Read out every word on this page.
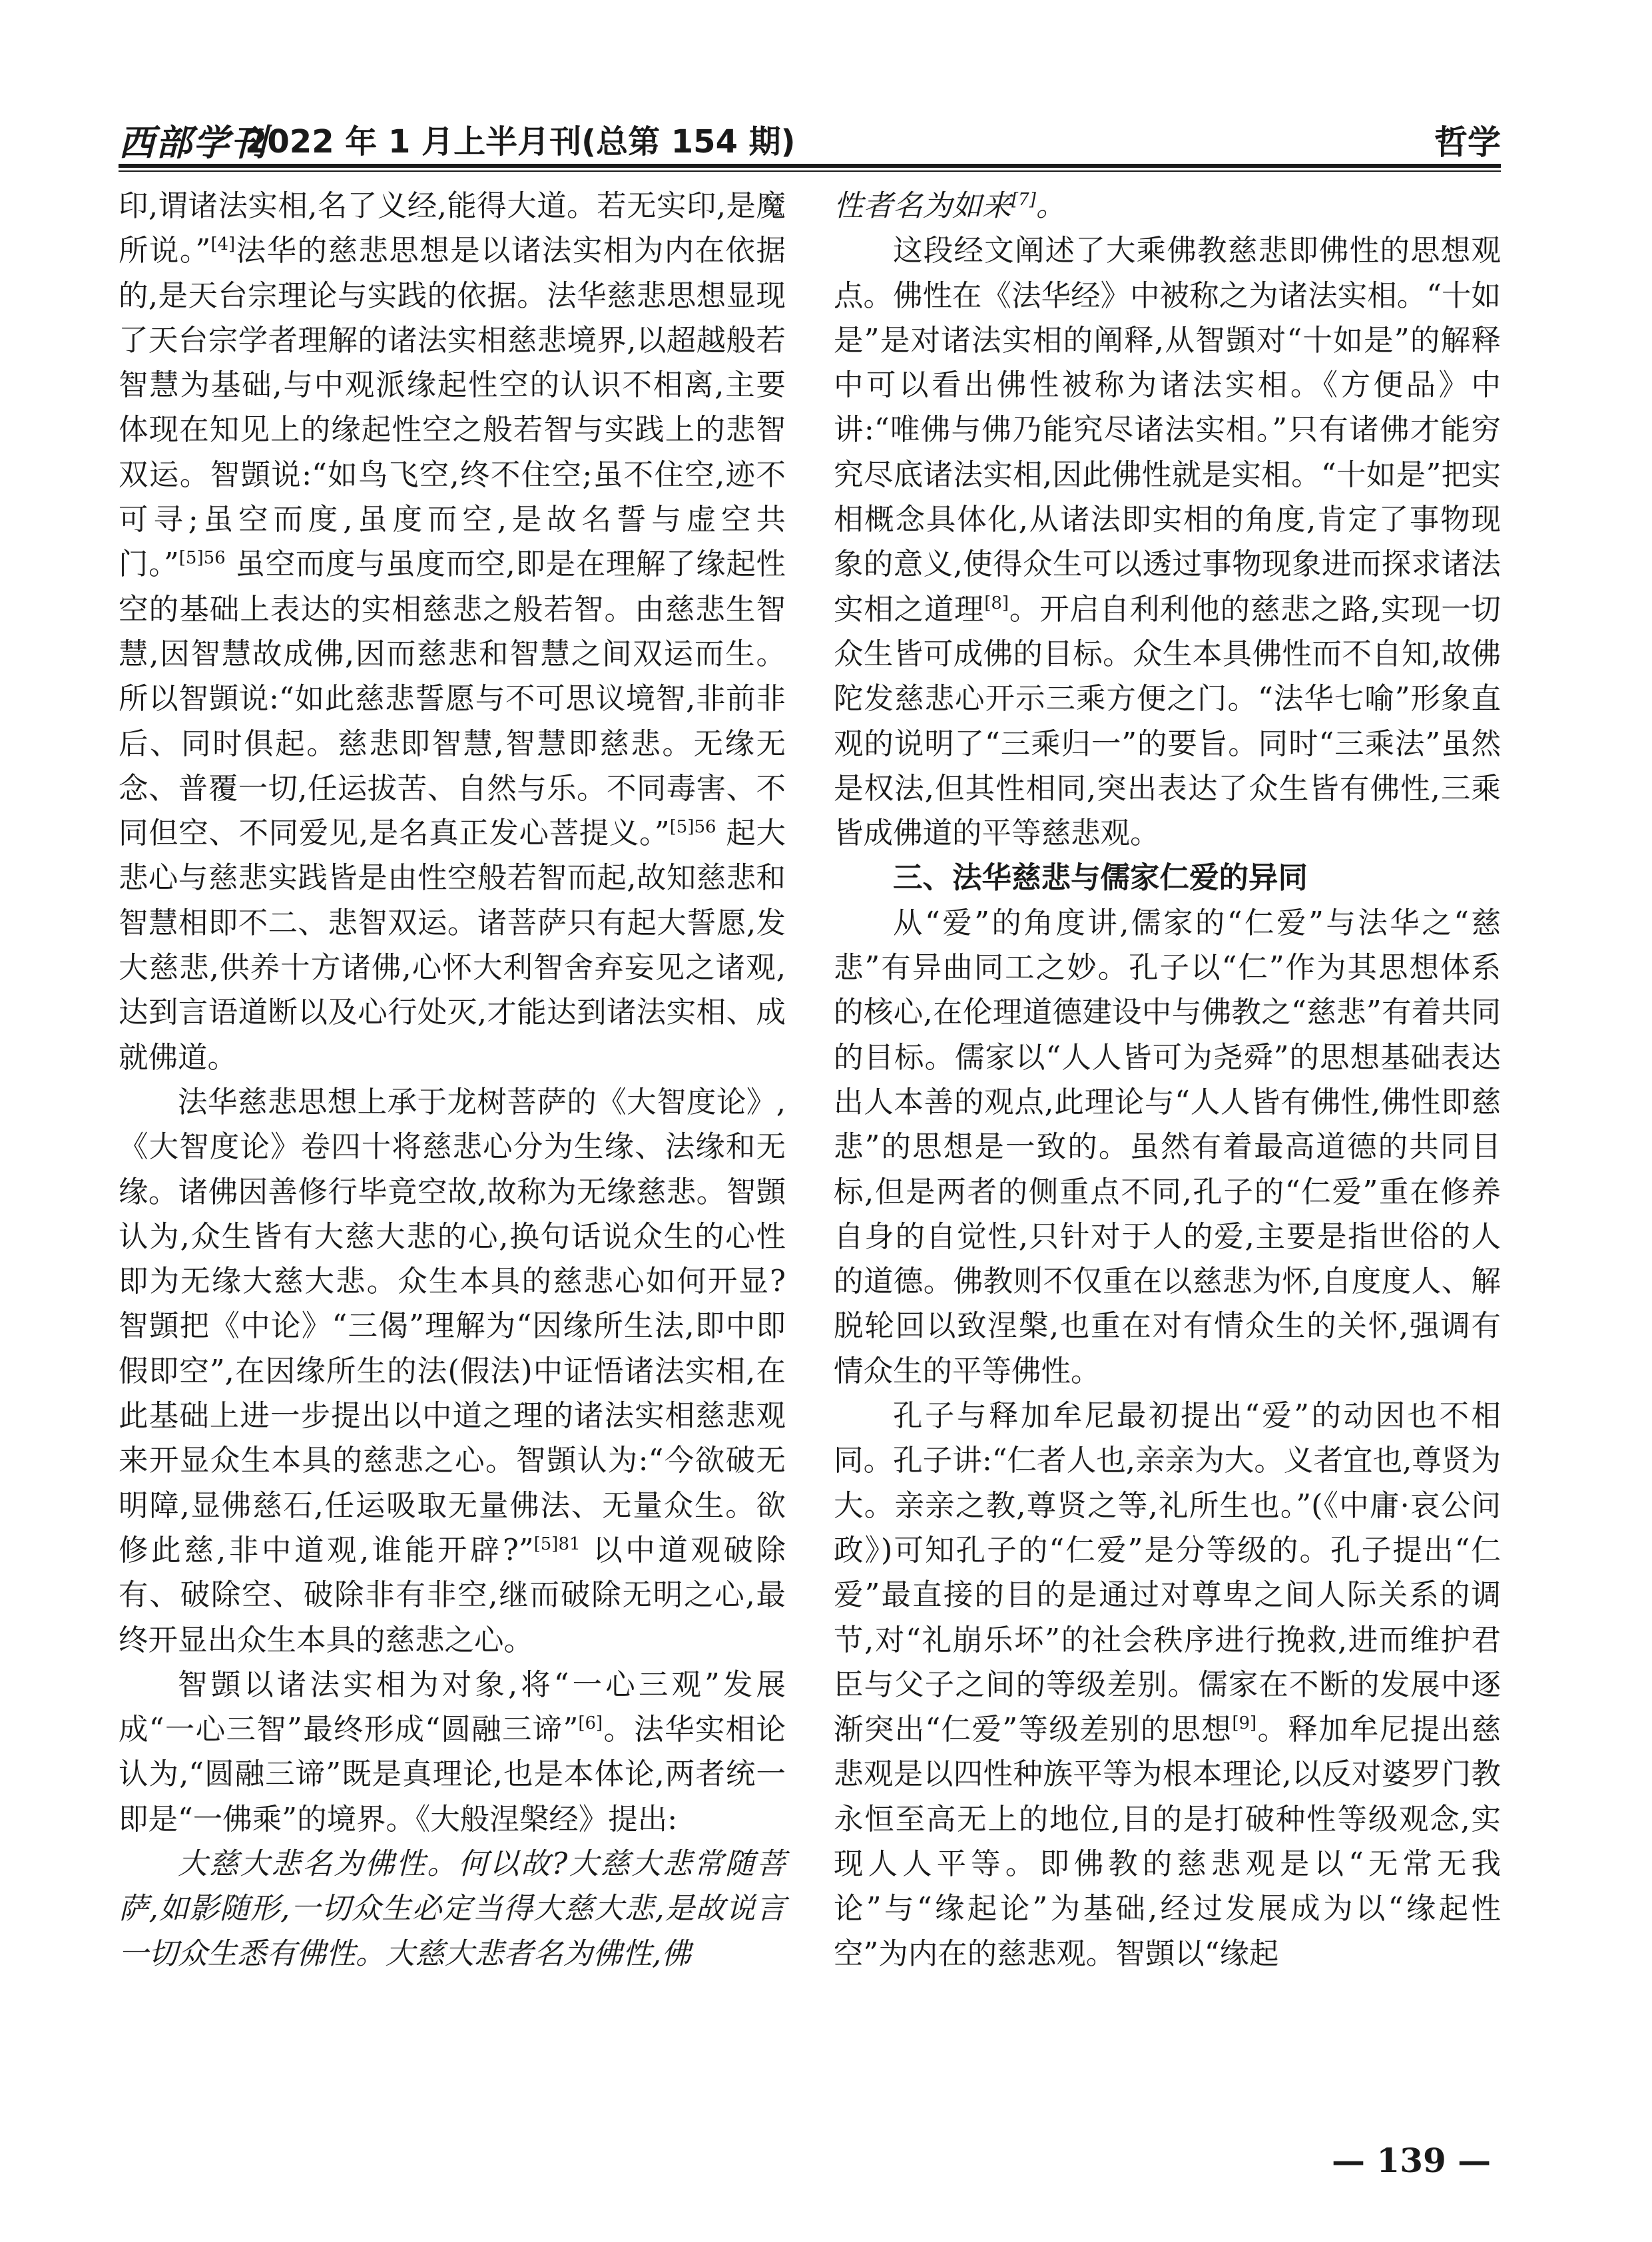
西部学刊
2022 年 1 月上半月刊(总第 154 期)	哲学

印,谓诸法实相,名了义经,能得大道。若无实印,是魔所说。”[4]法华的慈悲思想是以诸法实相为内在依据的,是天台宗理论与实践的依据。法华慈悲思想显现了天台宗学者理解的诸法实相慈悲境界,以超越般若智慧为基础,与中观派缘起性空的认识不相离,主要体现在知见上的缘起性空之般若智与实践上的悲智双运。智顗说:“如鸟飞空,终不住空;虽不住空,迹不可寻;虽空而度,虽度而空,是故名誓与虚空共门。”$^{[5]56}$ 虽空而度与虽度而空,即是在理解了缘起性空的基础上表达的实相慈悲之般若智。由慈悲生智慧,因智慧故成佛,因而慈悲和智慧之间双运而生。所以智顗说:“如此慈悲誓愿与不可思议境智,非前非后、同时俱起。慈悲即智慧,智慧即慈悲。无缘无念、普覆一切,任运拔苦、自然与乐。不同毒害、不同但空、不同爱见,是名真正发心菩提义。”$^{[5]56}$ 起大悲心与慈悲实践皆是由性空般若智而起,故知慈悲和智慧相即不二、悲智双运。诸菩萨只有起大誓愿,发大慈悲,供养十方诸佛,心怀大利智舍弃妄见之诸观,达到言语道断以及心行处灭,才能达到诸法实相、成就佛道。

法华慈悲思想上承于龙树菩萨的《大智度论》,《大智度论》卷四十将慈悲心分为生缘、法缘和无缘。诸佛因善修行毕竟空故,故称为无缘慈悲。智顗认为,众生皆有大慈大悲的心,换句话说众生的心性即为无缘大慈大悲。众生本具的慈悲心如何开显?智顗把《中论》“三偈”理解为“因缘所生法,即中即假即空”,在因缘所生的法(假法)中证悟诸法实相,在此基础上进一步提出以中道之理的诸法实相慈悲观来开显众生本具的慈悲之心。智顗认为:“今欲破无明障,显佛慈石,任运吸取无量佛法、无量众生。欲修此慈,非中道观,谁能开辟?”$^{[5]81}$ 以中道观破除有、破除空、破除非有非空,继而破除无明之心,最终开显出众生本具的慈悲之心。

智顗以诸法实相为对象,将“一心三观”发展成“一心三智”最终形成“圆融三谛”[6]。法华实相论认为,“圆融三谛”既是真理论,也是本体论,两者统一即是“一佛乘”的境界。《大般涅槃经》提出:

大慈大悲名为佛性。何以故?大慈大悲常随菩萨,如影随形,一切众生必定当得大慈大悲,是故说言一切众生悉有佛性。大慈大悲者名为佛性,佛

性者名为如来[7]。

这段经文阐述了大乘佛教慈悲即佛性的思想观点。佛性在《法华经》中被称之为诸法实相。“十如是”是对诸法实相的阐释,从智顗对“十如是”的解释中可以看出佛性被称为诸法实相。《方便品》中讲:“唯佛与佛乃能究尽诸法实相。”只有诸佛才能穷究尽底诸法实相,因此佛性就是实相。“十如是”把实相概念具体化,从诸法即实相的角度,肯定了事物现象的意义,使得众生可以透过事物现象进而探求诸法实相之道理[8]。开启自利利他的慈悲之路,实现一切众生皆可成佛的目标。众生本具佛性而不自知,故佛陀发慈悲心开示三乘方便之门。“法华七喻”形象直观的说明了“三乘归一”的要旨。同时“三乘法”虽然是权法,但其性相同,突出表达了众生皆有佛性,三乘皆成佛道的平等慈悲观。

三、法华慈悲与儒家仁爱的异同

从“爱”的角度讲,儒家的“仁爱”与法华之“慈悲”有异曲同工之妙。孔子以“仁”作为其思想体系的核心,在伦理道德建设中与佛教之“慈悲”有着共同的目标。儒家以“人人皆可为尧舜”的思想基础表达出人本善的观点,此理论与“人人皆有佛性,佛性即慈悲”的思想是一致的。虽然有着最高道德的共同目标,但是两者的侧重点不同,孔子的“仁爱”重在修养自身的自觉性,只针对于人的爱,主要是指世俗的人的道德。佛教则不仅重在以慈悲为怀,自度度人、解脱轮回以致涅槃,也重在对有情众生的关怀,强调有情众生的平等佛性。

孔子与释加牟尼最初提出“爱”的动因也不相同。孔子讲:“仁者人也,亲亲为大。义者宜也,尊贤为大。亲亲之教,尊贤之等,礼所生也。”(《中庸·哀公问政》)可知孔子的“仁爱”是分等级的。孔子提出“仁爱”最直接的目的是通过对尊卑之间人际关系的调节,对“礼崩乐坏”的社会秩序进行挽救,进而维护君臣与父子之间的等级差别。儒家在不断的发展中逐渐突出“仁爱”等级差别的思想[9]。释加牟尼提出慈悲观是以四性种族平等为根本理论,以反对婆罗门教永恒至高无上的地位,目的是打破种性等级观念,实现人人平等。即佛教的慈悲观是以“无常无我论”与“缘起论”为基础,经过发展成为以“缘起性空”为内在的慈悲观。智顗以“缘起

— 139 —
